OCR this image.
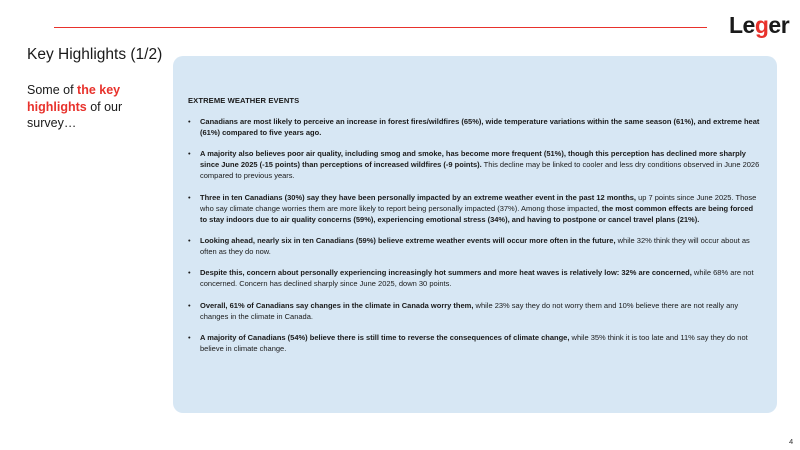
Leger
Key Highlights (1/2)
Some of the key highlights of our survey…
EXTREME WEATHER EVENTS
• Canadians are most likely to perceive an increase in forest fires/wildfires (65%), wide temperature variations within the same season (61%), and extreme heat (61%) compared to five years ago.
• A majority also believes poor air quality, including smog and smoke, has become more frequent (51%), though this perception has declined more sharply since June 2025 (-15 points) than perceptions of increased wildfires (-9 points). This decline may be linked to cooler and less dry conditions observed in June 2026 compared to previous years.
• Three in ten Canadians (30%) say they have been personally impacted by an extreme weather event in the past 12 months, up 7 points since June 2025. Those who say climate change worries them are more likely to report being personally impacted (37%). Among those impacted, the most common effects are being forced to stay indoors due to air quality concerns (59%), experiencing emotional stress (34%), and having to postpone or cancel travel plans (21%).
• Looking ahead, nearly six in ten Canadians (59%) believe extreme weather events will occur more often in the future, while 32% think they will occur about as often as they do now.
• Despite this, concern about personally experiencing increasingly hot summers and more heat waves is relatively low: 32% are concerned, while 68% are not concerned. Concern has declined sharply since June 2025, down 30 points.
• Overall, 61% of Canadians say changes in the climate in Canada worry them, while 23% say they do not worry them and 10% believe there are not really any changes in the climate in Canada.
• A majority of Canadians (54%) believe there is still time to reverse the consequences of climate change, while 35% think it is too late and 11% say they do not believe in climate change.
4
